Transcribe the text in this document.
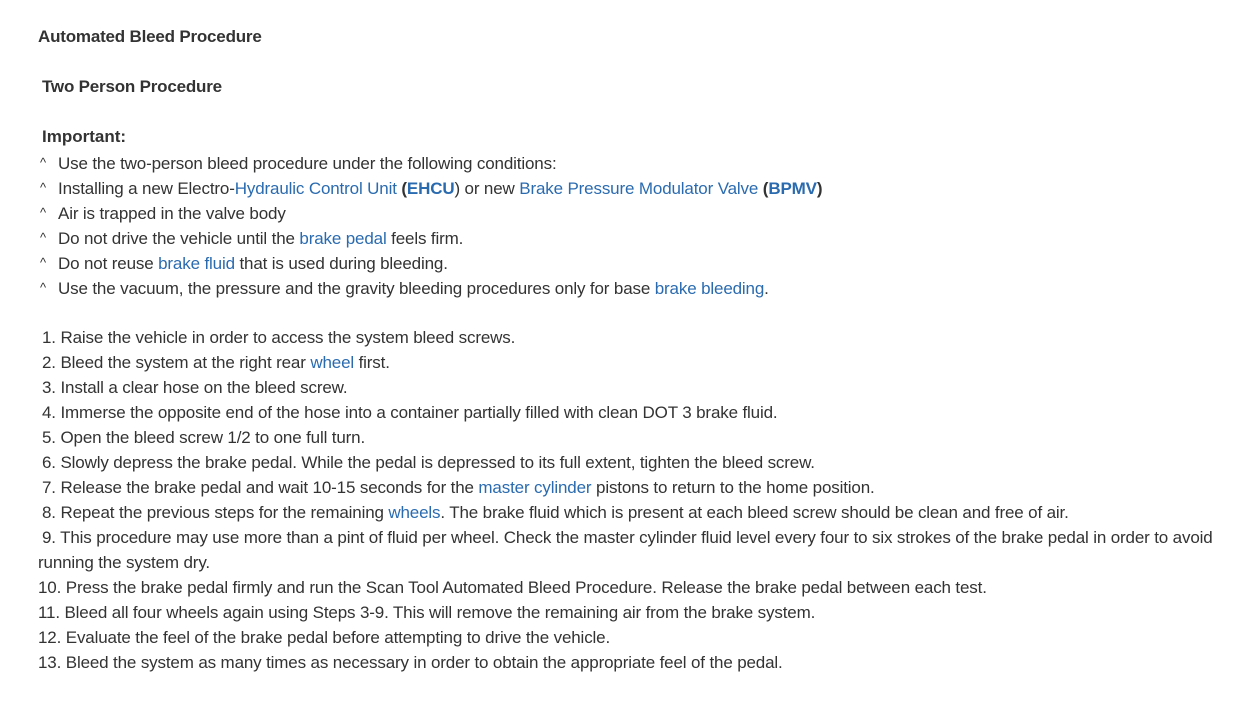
Automated Bleed Procedure
Two Person Procedure
Important:
^ Use the two-person bleed procedure under the following conditions:
^ Installing a new Electro-Hydraulic Control Unit (EHCU) or new Brake Pressure Modulator Valve (BPMV)
^ Air is trapped in the valve body
^ Do not drive the vehicle until the brake pedal feels firm.
^ Do not reuse brake fluid that is used during bleeding.
^ Use the vacuum, the pressure and the gravity bleeding procedures only for base brake bleeding.
1. Raise the vehicle in order to access the system bleed screws.
2. Bleed the system at the right rear wheel first.
3. Install a clear hose on the bleed screw.
4. Immerse the opposite end of the hose into a container partially filled with clean DOT 3 brake fluid.
5. Open the bleed screw 1/2 to one full turn.
6. Slowly depress the brake pedal. While the pedal is depressed to its full extent, tighten the bleed screw.
7. Release the brake pedal and wait 10-15 seconds for the master cylinder pistons to return to the home position.
8. Repeat the previous steps for the remaining wheels. The brake fluid which is present at each bleed screw should be clean and free of air.
9. This procedure may use more than a pint of fluid per wheel. Check the master cylinder fluid level every four to six strokes of the brake pedal in order to avoid running the system dry.
10. Press the brake pedal firmly and run the Scan Tool Automated Bleed Procedure. Release the brake pedal between each test.
11. Bleed all four wheels again using Steps 3-9. This will remove the remaining air from the brake system.
12. Evaluate the feel of the brake pedal before attempting to drive the vehicle.
13. Bleed the system as many times as necessary in order to obtain the appropriate feel of the pedal.
